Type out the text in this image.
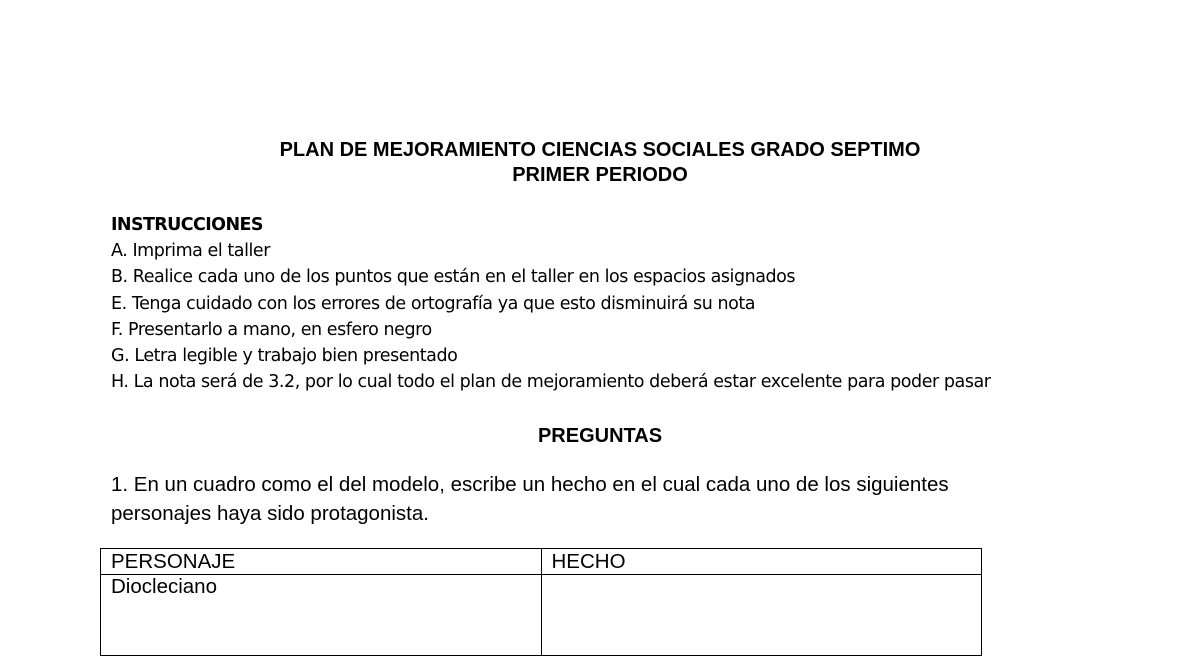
PLAN DE MEJORAMIENTO CIENCIAS SOCIALES GRADO SEPTIMO
PRIMER PERIODO
INSTRUCCIONES
A. Imprima el taller
B. Realice cada uno de los puntos que están en el taller en los espacios asignados
E. Tenga cuidado con los errores de ortografía ya que esto disminuirá su nota
F. Presentarlo a mano, en esfero negro
G. Letra legible y trabajo bien presentado
H. La nota será de 3.2, por lo cual todo el plan de mejoramiento deberá estar excelente para poder pasar
PREGUNTAS
1. En un cuadro como el del modelo, escribe un hecho en el cual cada uno de los siguientes personajes haya sido protagonista.
PERSONAJE	HECHO
Diocleciano	
